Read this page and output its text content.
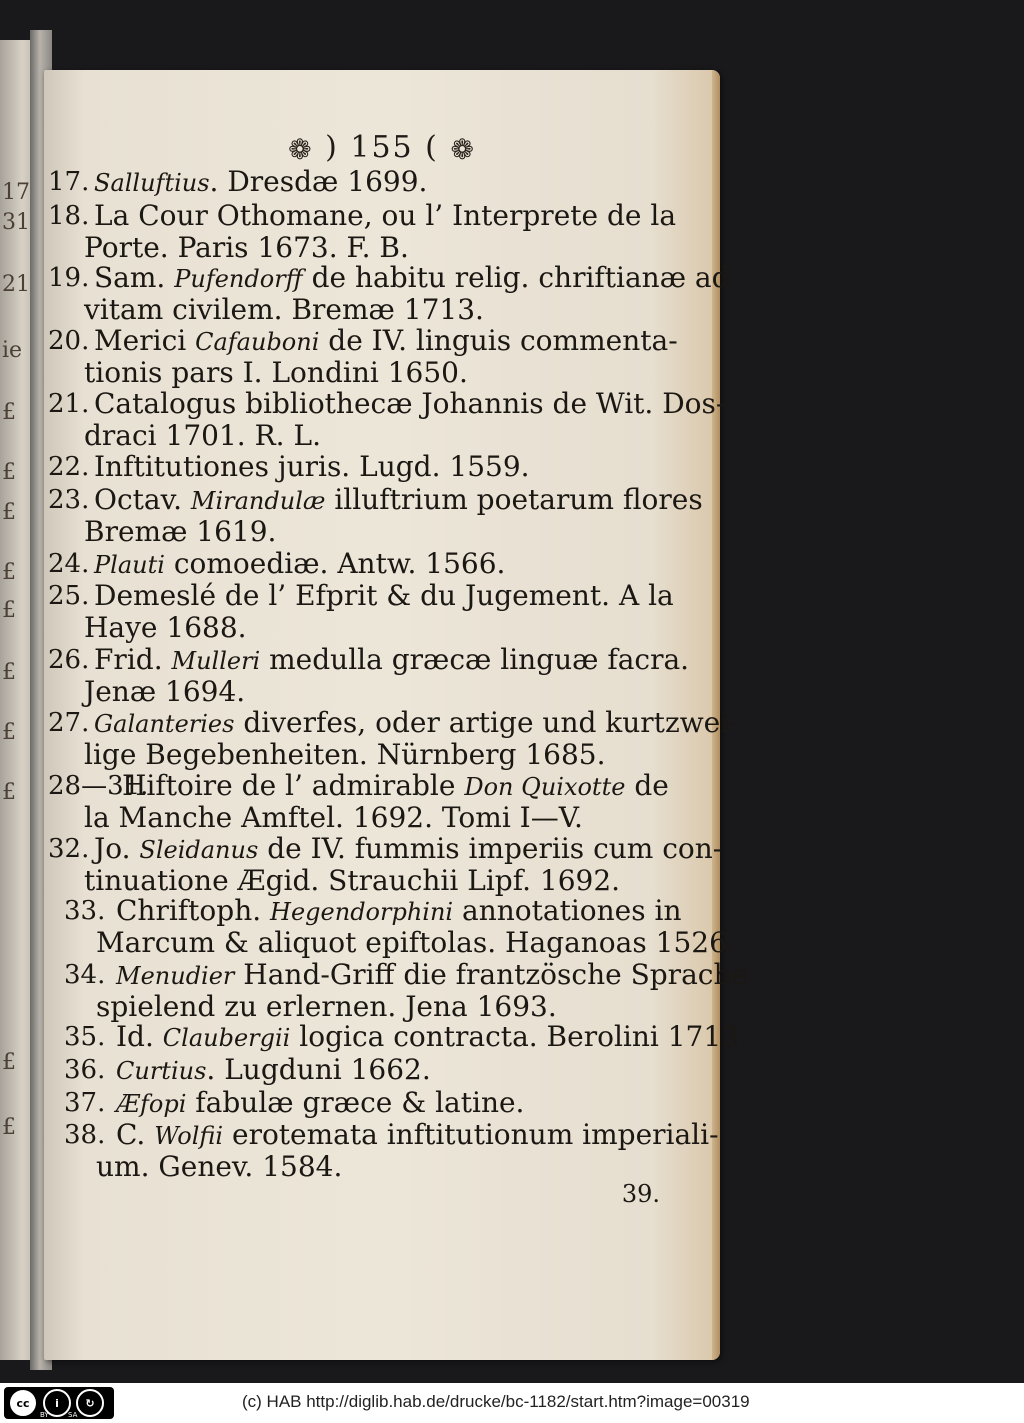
17
31
21
ie
£
£
£
£
£
£
£
£
£
£
❁ ) 155 ( ❁
17. Salluftius. Dresdæ 1699.
18. La Cour Othomane, ou l’ Interprete de la
Porte. Paris 1673. F. B.
19. Sam. Pufendorff de habitu relig. chriftianæ ad
vitam civilem. Bremæ 1713.
20. Merici Cafauboni de IV. linguis commenta-
tionis pars I. Londini 1650.
21. Catalogus bibliothecæ Johannis de Wit. Dos-
draci 1701. R. L.
22. Inftitutiones juris. Lugd. 1559.
23. Octav. Mirandulæ illuftrium poetarum flores
Bremæ 1619.
24. Plauti comoediæ. Antw. 1566.
25. Demeslé de l’ Efprit & du Jugement. A la
Haye 1688.
26. Frid. Mulleri medulla græcæ linguæ facra.
Jenæ 1694.
27. Galanteries diverfes, oder artige und kurtzwei-
lige Begebenheiten. Nürnberg 1685.
28—31.
Hiftoire de l’ admirable Don Quixotte de
la Manche Amftel. 1692. Tomi I—V.
32. Jo. Sleidanus de IV. fummis imperiis cum con-
tinuatione Ægid. Strauchii Lipf. 1692.
33. Chriftoph. Hegendorphini annotationes in
Marcum & aliquot epiftolas. Haganoas 1526.
34. Menudier Hand-Griff die frantzösche Sprache
spielend zu erlernen. Jena 1693.
35. Id. Claubergii logica contracta. Berolini 1713.
36. Curtius. Lugduni 1662.
37. Æfopi fabulæ græce & latine.
38. C. Wolfii erotemata inftitutionum imperiali-
um. Genev. 1584.
39.
cc	i	↻
BY	SA
(c) HAB http://diglib.hab.de/drucke/bc-1182/start.htm?image=00319
